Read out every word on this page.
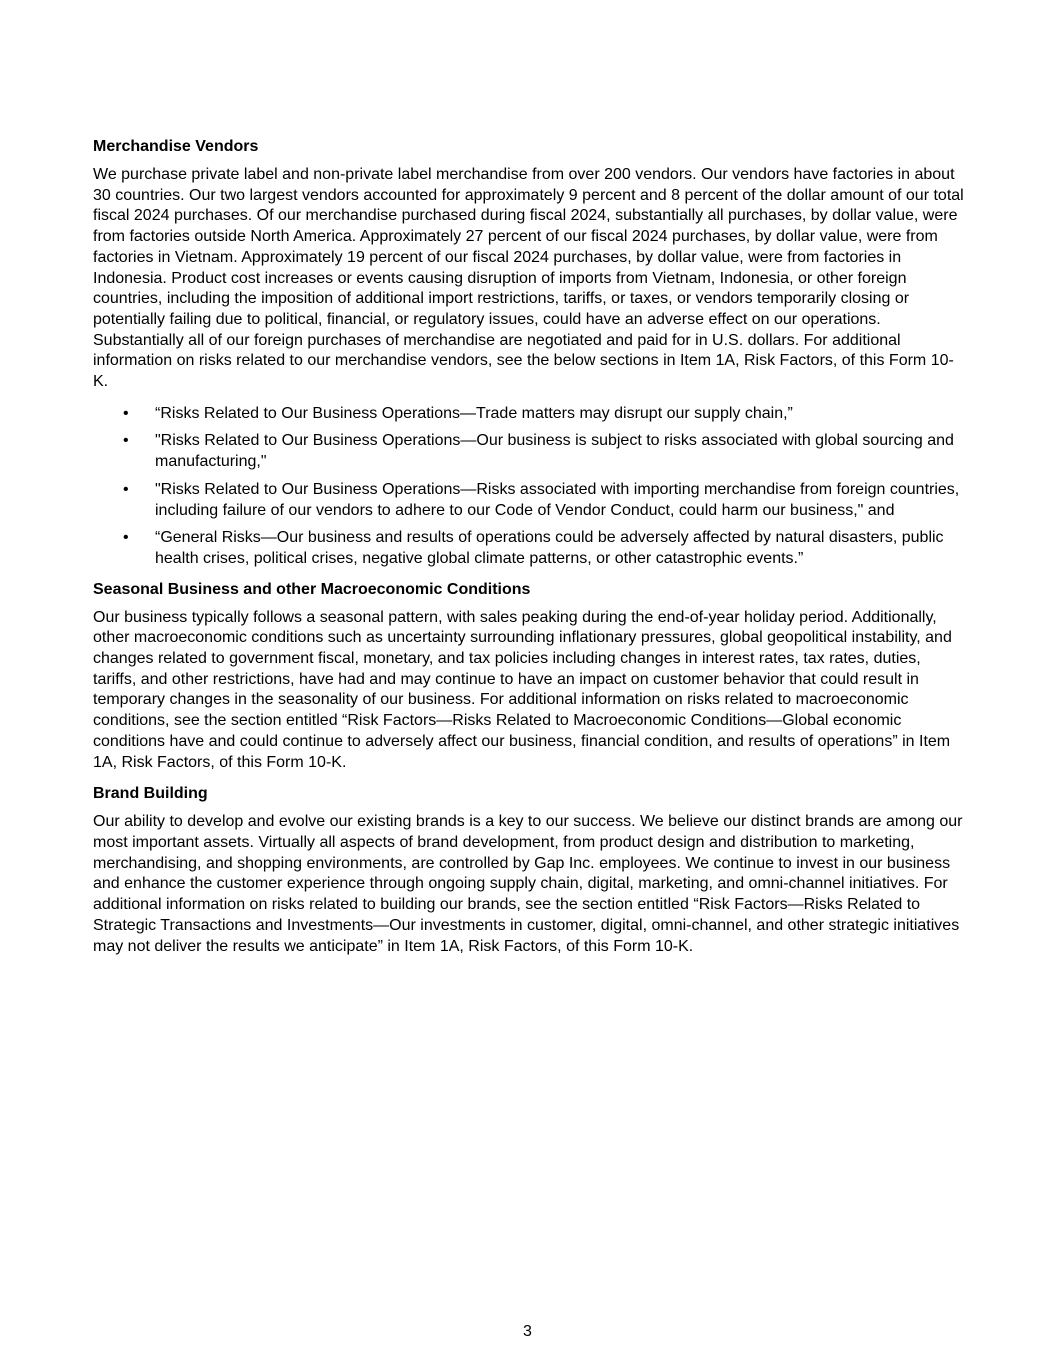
Merchandise Vendors

We purchase private label and non-private label merchandise from over 200 vendors. Our vendors have factories in about 30 countries. Our two largest vendors accounted for approximately 9 percent and 8 percent of the dollar amount of our total fiscal 2024 purchases. Of our merchandise purchased during fiscal 2024, substantially all purchases, by dollar value, were from factories outside North America. Approximately 27 percent of our fiscal 2024 purchases, by dollar value, were from factories in Vietnam. Approximately 19 percent of our fiscal 2024 purchases, by dollar value, were from factories in Indonesia. Product cost increases or events causing disruption of imports from Vietnam, Indonesia, or other foreign countries, including the imposition of additional import restrictions, tariffs, or taxes, or vendors temporarily closing or potentially failing due to political, financial, or regulatory issues, could have an adverse effect on our operations. Substantially all of our foreign purchases of merchandise are negotiated and paid for in U.S. dollars. For additional information on risks related to our merchandise vendors, see the below sections in Item 1A, Risk Factors, of this Form 10-K.

• “Risks Related to Our Business Operations—Trade matters may disrupt our supply chain,”
• "Risks Related to Our Business Operations—Our business is subject to risks associated with global sourcing and manufacturing,"
• "Risks Related to Our Business Operations—Risks associated with importing merchandise from foreign countries, including failure of our vendors to adhere to our Code of Vendor Conduct, could harm our business," and
• “General Risks—Our business and results of operations could be adversely affected by natural disasters, public health crises, political crises, negative global climate patterns, or other catastrophic events.”
Seasonal Business and other Macroeconomic Conditions

Our business typically follows a seasonal pattern, with sales peaking during the end-of-year holiday period. Additionally, other macroeconomic conditions such as uncertainty surrounding inflationary pressures, global geopolitical instability, and changes related to government fiscal, monetary, and tax policies including changes in interest rates, tax rates, duties, tariffs, and other restrictions, have had and may continue to have an impact on customer behavior that could result in temporary changes in the seasonality of our business. For additional information on risks related to macroeconomic conditions, see the section entitled “Risk Factors—Risks Related to Macroeconomic Conditions—Global economic conditions have and could continue to adversely affect our business, financial condition, and results of operations” in Item 1A, Risk Factors, of this Form 10-K.

Brand Building

Our ability to develop and evolve our existing brands is a key to our success. We believe our distinct brands are among our most important assets. Virtually all aspects of brand development, from product design and distribution to marketing, merchandising, and shopping environments, are controlled by Gap Inc. employees. We continue to invest in our business and enhance the customer experience through ongoing supply chain, digital, marketing, and omni-channel initiatives. For additional information on risks related to building our brands, see the section entitled “Risk Factors—Risks Related to Strategic Transactions and Investments—Our investments in customer, digital, omni-channel, and other strategic initiatives may not deliver the results we anticipate” in Item 1A, Risk Factors, of this Form 10-K.

3
